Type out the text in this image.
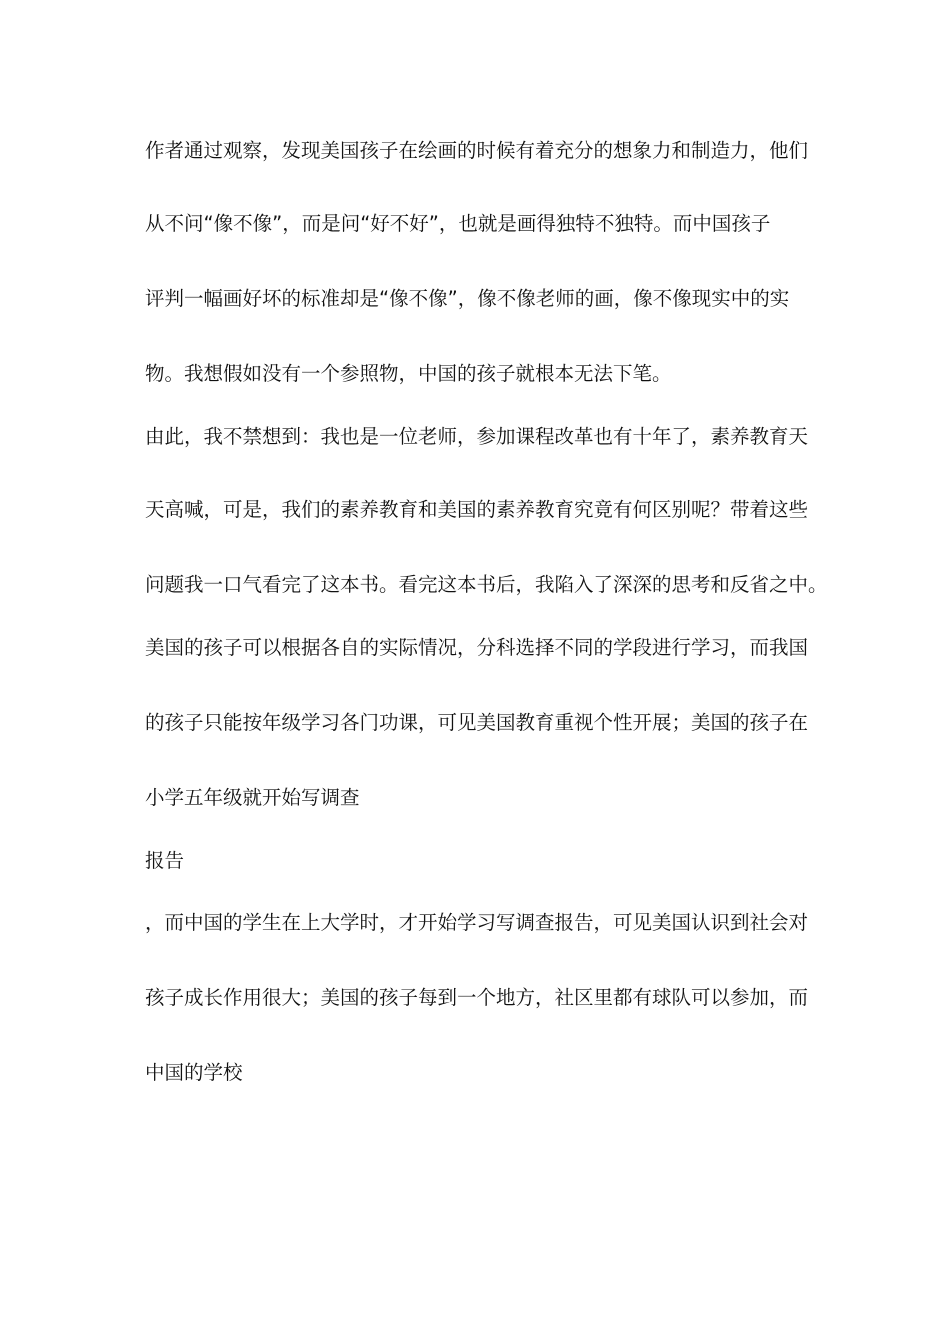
作者通过观察，发现美国孩子在绘画的时候有着充分的想象力和制造力，他们
从不问“像不像”，而是问“好不好”，也就是画得独特不独特。而中国孩子
评判一幅画好坏的标准却是“像不像”，像不像老师的画，像不像现实中的实
物。我想假如没有一个参照物，中国的孩子就根本无法下笔。
由此，我不禁想到：我也是一位老师，参加课程改革也有十年了，素养教育天
天高喊，可是，我们的素养教育和美国的素养教育究竟有何区别呢？带着这些
问题我一口气看完了这本书。看完这本书后，我陷入了深深的思考和反省之中。
美国的孩子可以根据各自的实际情况，分科选择不同的学段进行学习，而我国
的孩子只能按年级学习各门功课，可见美国教育重视个性开展；美国的孩子在
小学五年级就开始写调查
报告
，而中国的学生在上大学时，才开始学习写调查报告，可见美国认识到社会对
孩子成长作用很大；美国的孩子每到一个地方，社区里都有球队可以参加，而
中国的学校
